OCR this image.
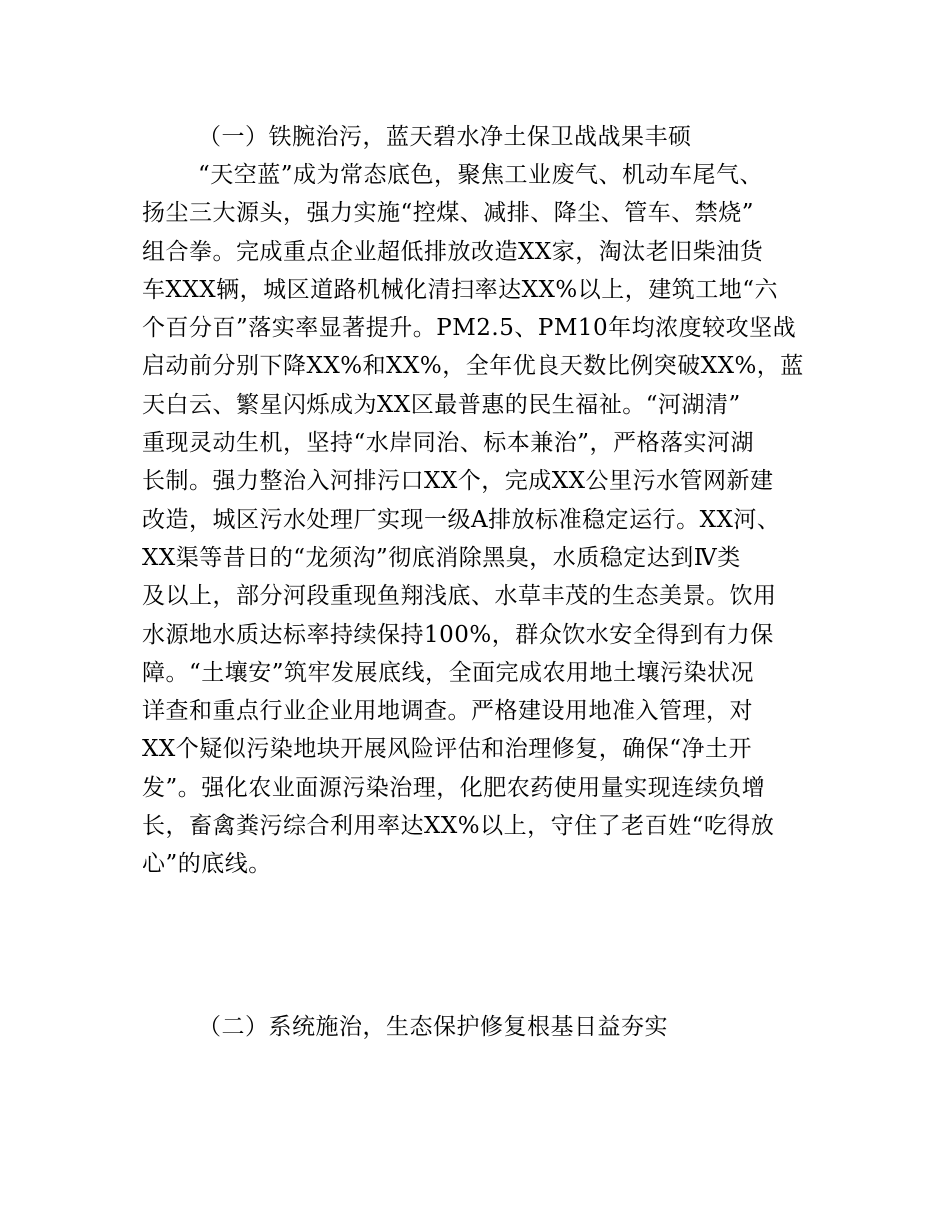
（一）铁腕治污，蓝天碧水净土保卫战战果丰硕
“天空蓝”成为常态底色，聚焦工业废气、机动车尾气、
扬尘三大源头，强力实施“控煤、减排、降尘、管车、禁烧”
组合拳。完成重点企业超低排放改造XX家，淘汰老旧柴油货
车XXX辆，城区道路机械化清扫率达XX%以上，建筑工地“六
个百分百”落实率显著提升。PM2.5、PM10年均浓度较攻坚战
启动前分别下降XX%和XX%，全年优良天数比例突破XX%，蓝
天白云、繁星闪烁成为XX区最普惠的民生福祉。“河湖清”
重现灵动生机，坚持“水岸同治、标本兼治”，严格落实河湖
长制。强力整治入河排污口XX个，完成XX公里污水管网新建
改造，城区污水处理厂实现一级A排放标准稳定运行。XX河、
XX渠等昔日的“龙须沟”彻底消除黑臭，水质稳定达到Ⅳ类
及以上，部分河段重现鱼翔浅底、水草丰茂的生态美景。饮用
水源地水质达标率持续保持100%，群众饮水安全得到有力保
障。“土壤安”筑牢发展底线，全面完成农用地土壤污染状况
详查和重点行业企业用地调查。严格建设用地准入管理，对
XX个疑似污染地块开展风险评估和治理修复，确保“净土开
发”。强化农业面源污染治理，化肥农药使用量实现连续负增
长，畜禽粪污综合利用率达XX%以上，守住了老百姓“吃得放
心”的底线。
（二）系统施治，生态保护修复根基日益夯实
